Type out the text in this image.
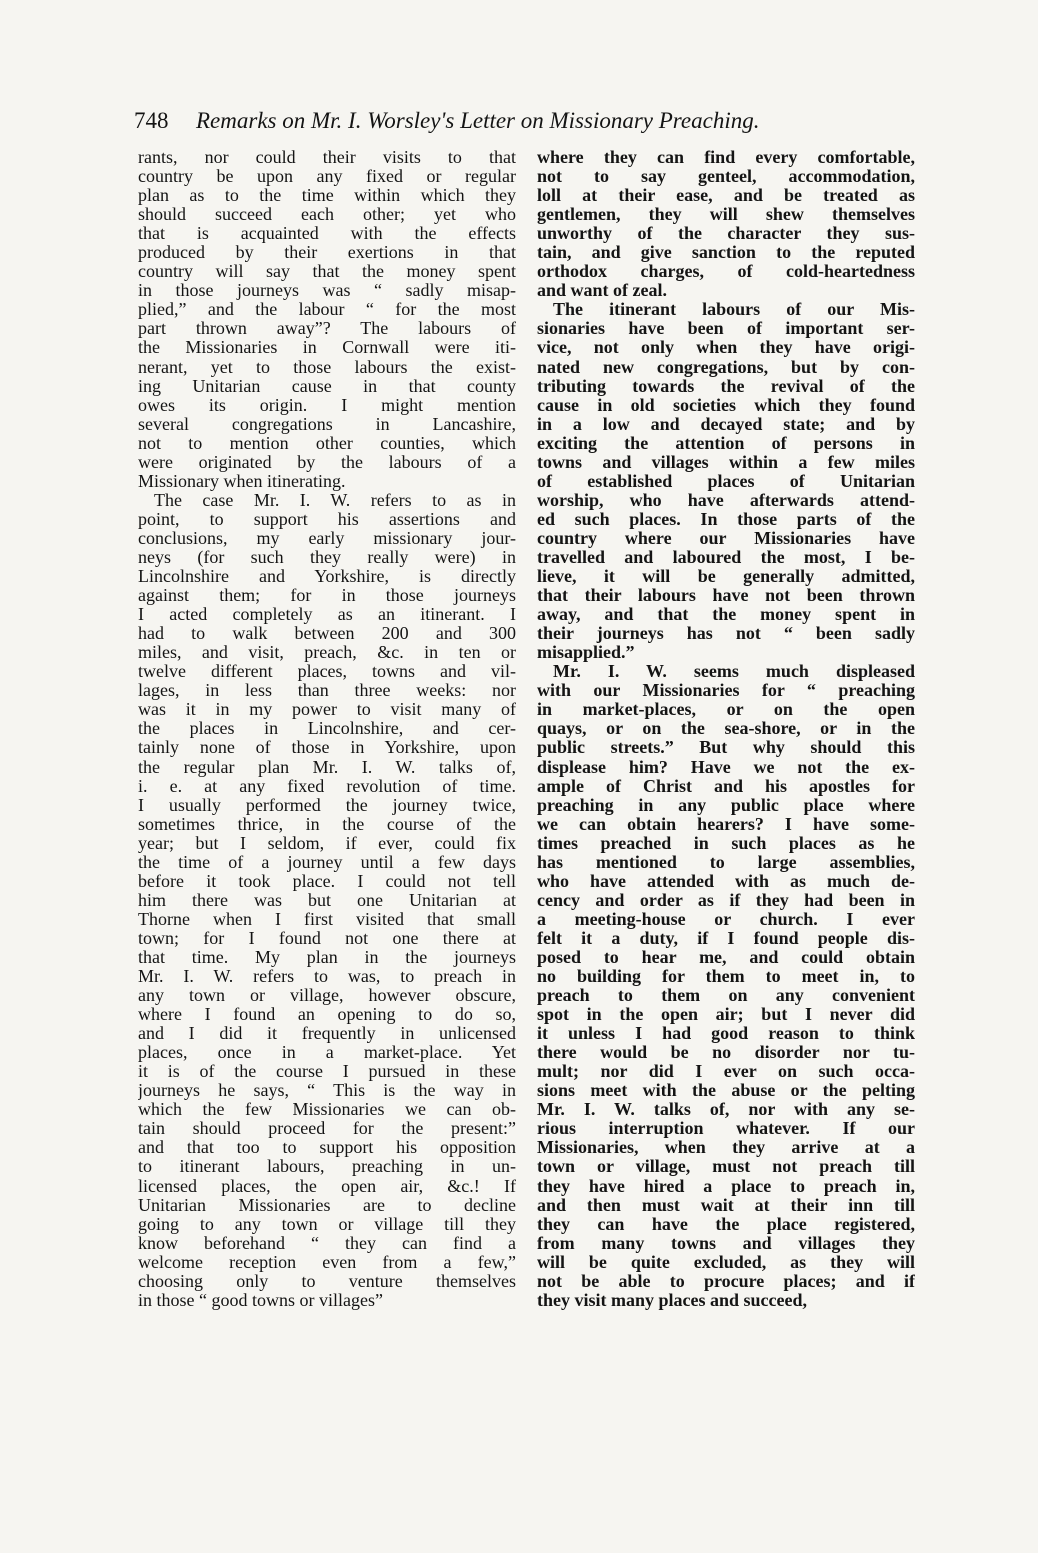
748 Remarks on Mr. I. Worsley's Letter on Missionary Preaching.
rants, nor could their visits to that
country be upon any fixed or regular
plan as to the time within which they
should succeed each other; yet who
that is acquainted with the effects
produced by their exertions in that
country will say that the money spent
in those journeys was “ sadly misap-
plied,” and the labour “ for the most
part thrown away”? The labours of
the Missionaries in Cornwall were iti-
nerant, yet to those labours the exist-
ing Unitarian cause in that county
owes its origin. I might mention
several congregations in Lancashire,
not to mention other counties, which
were originated by the labours of a
Missionary when itinerating.
The case Mr. I. W. refers to as in
point, to support his assertions and
conclusions, my early missionary jour-
neys (for such they really were) in
Lincolnshire and Yorkshire, is directly
against them; for in those journeys
I acted completely as an itinerant. I
had to walk between 200 and 300
miles, and visit, preach, &c. in ten or
twelve different places, towns and vil-
lages, in less than three weeks: nor
was it in my power to visit many of
the places in Lincolnshire, and cer-
tainly none of those in Yorkshire, upon
the regular plan Mr. I. W. talks of,
i. e. at any fixed revolution of time.
I usually performed the journey twice,
sometimes thrice, in the course of the
year; but I seldom, if ever, could fix
the time of a journey until a few days
before it took place. I could not tell
him there was but one Unitarian at
Thorne when I first visited that small
town; for I found not one there at
that time. My plan in the journeys
Mr. I. W. refers to was, to preach in
any town or village, however obscure,
where I found an opening to do so,
and I did it frequently in unlicensed
places, once in a market-place. Yet
it is of the course I pursued in these
journeys he says, “ This is the way in
which the few Missionaries we can ob-
tain should proceed for the present:”
and that too to support his opposition
to itinerant labours, preaching in un-
licensed places, the open air, &c.! If
Unitarian Missionaries are to decline
going to any town or village till they
know beforehand “ they can find a
welcome reception even from a few,”
choosing only to venture themselves
in those “ good towns or villages”
where they can find every comfortable,
not to say genteel, accommodation,
loll at their ease, and be treated as
gentlemen, they will shew themselves
unworthy of the character they sus-
tain, and give sanction to the reputed
orthodox charges, of cold-heartedness
and want of zeal.
The itinerant labours of our Mis-
sionaries have been of important ser-
vice, not only when they have origi-
nated new congregations, but by con-
tributing towards the revival of the
cause in old societies which they found
in a low and decayed state; and by
exciting the attention of persons in
towns and villages within a few miles
of established places of Unitarian
worship, who have afterwards attend-
ed such places. In those parts of the
country where our Missionaries have
travelled and laboured the most, I be-
lieve, it will be generally admitted,
that their labours have not been thrown
away, and that the money spent in
their journeys has not “ been sadly
misapplied.”
Mr. I. W. seems much displeased
with our Missionaries for “ preaching
in market-places, or on the open
quays, or on the sea-shore, or in the
public streets.” But why should this
displease him? Have we not the ex-
ample of Christ and his apostles for
preaching in any public place where
we can obtain hearers? I have some-
times preached in such places as he
has mentioned to large assemblies,
who have attended with as much de-
cency and order as if they had been in
a meeting-house or church. I ever
felt it a duty, if I found people dis-
posed to hear me, and could obtain
no building for them to meet in, to
preach to them on any convenient
spot in the open air; but I never did
it unless I had good reason to think
there would be no disorder nor tu-
mult; nor did I ever on such occa-
sions meet with the abuse or the pelting
Mr. I. W. talks of, nor with any se-
rious interruption whatever. If our
Missionaries, when they arrive at a
town or village, must not preach till
they have hired a place to preach in,
and then must wait at their inn till
they can have the place registered,
from many towns and villages they
will be quite excluded, as they will
not be able to procure places; and if
they visit many places and succeed,
